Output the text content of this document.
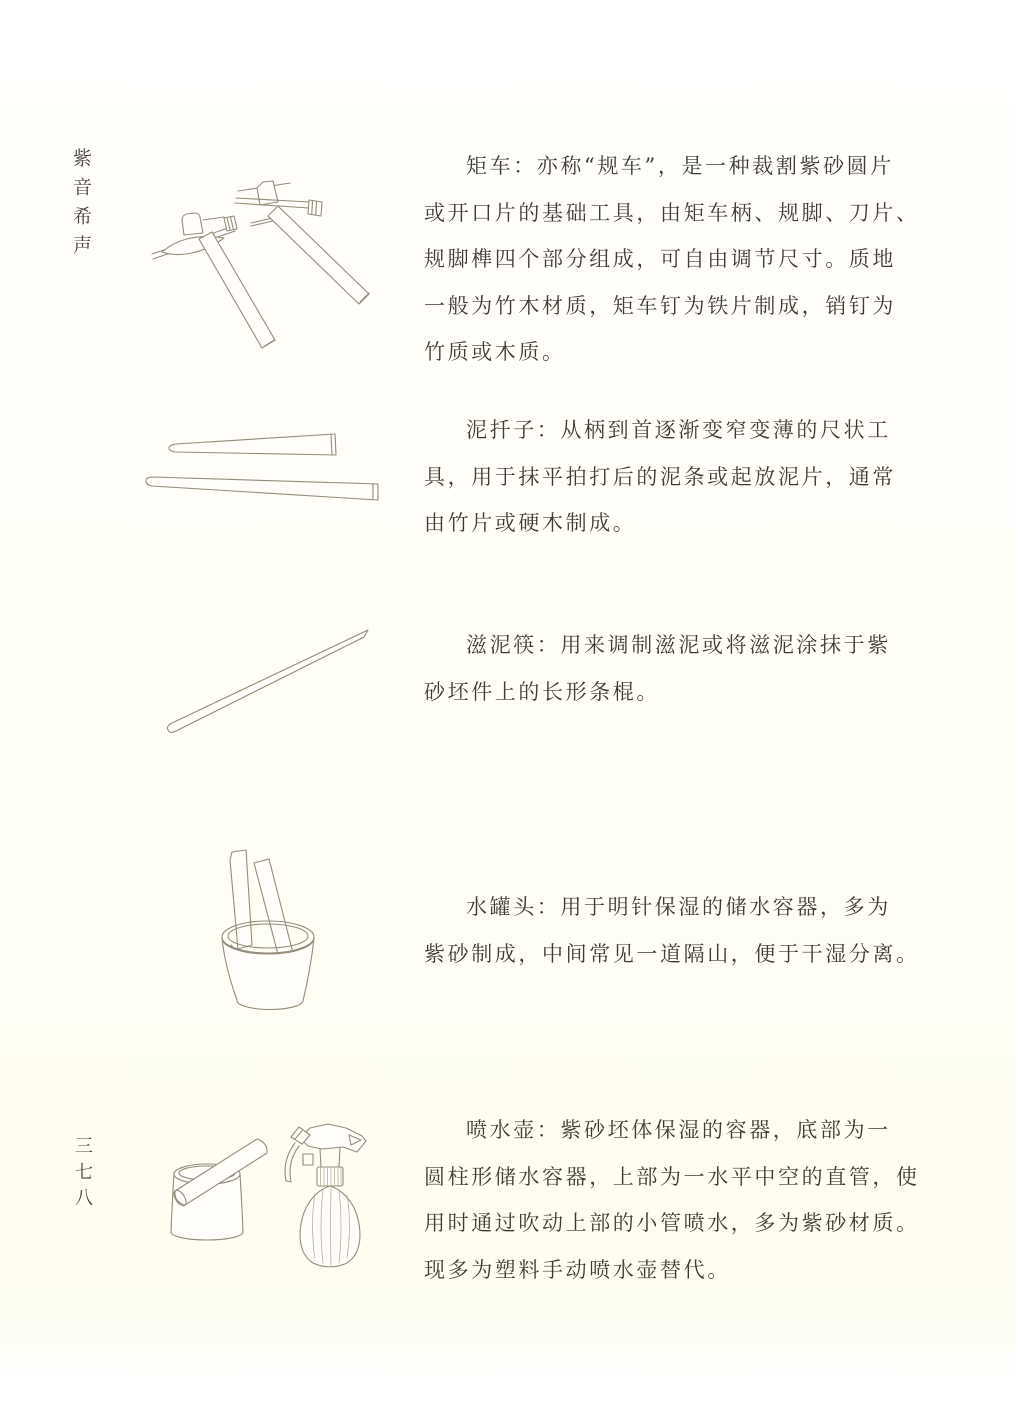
紫音希声
三七八
矩车：亦称“规车”，是一种裁割紫砂圆片
或开口片的基础工具，由矩车柄、规脚、刀片、
规脚榫四个部分组成，可自由调节尺寸。质地
一般为竹木材质，矩车钉为铁片制成，销钉为
竹质或木质。
泥扦子：从柄到首逐渐变窄变薄的尺状工
具，用于抹平拍打后的泥条或起放泥片，通常
由竹片或硬木制成。
滋泥筷：用来调制滋泥或将滋泥涂抹于紫
砂坯件上的长形条棍。
水罐头：用于明针保湿的储水容器，多为
紫砂制成，中间常见一道隔山，便于干湿分离。
喷水壶：紫砂坯体保湿的容器，底部为一
圆柱形储水容器，上部为一水平中空的直管，使
用时通过吹动上部的小管喷水，多为紫砂材质。
现多为塑料手动喷水壶替代。
